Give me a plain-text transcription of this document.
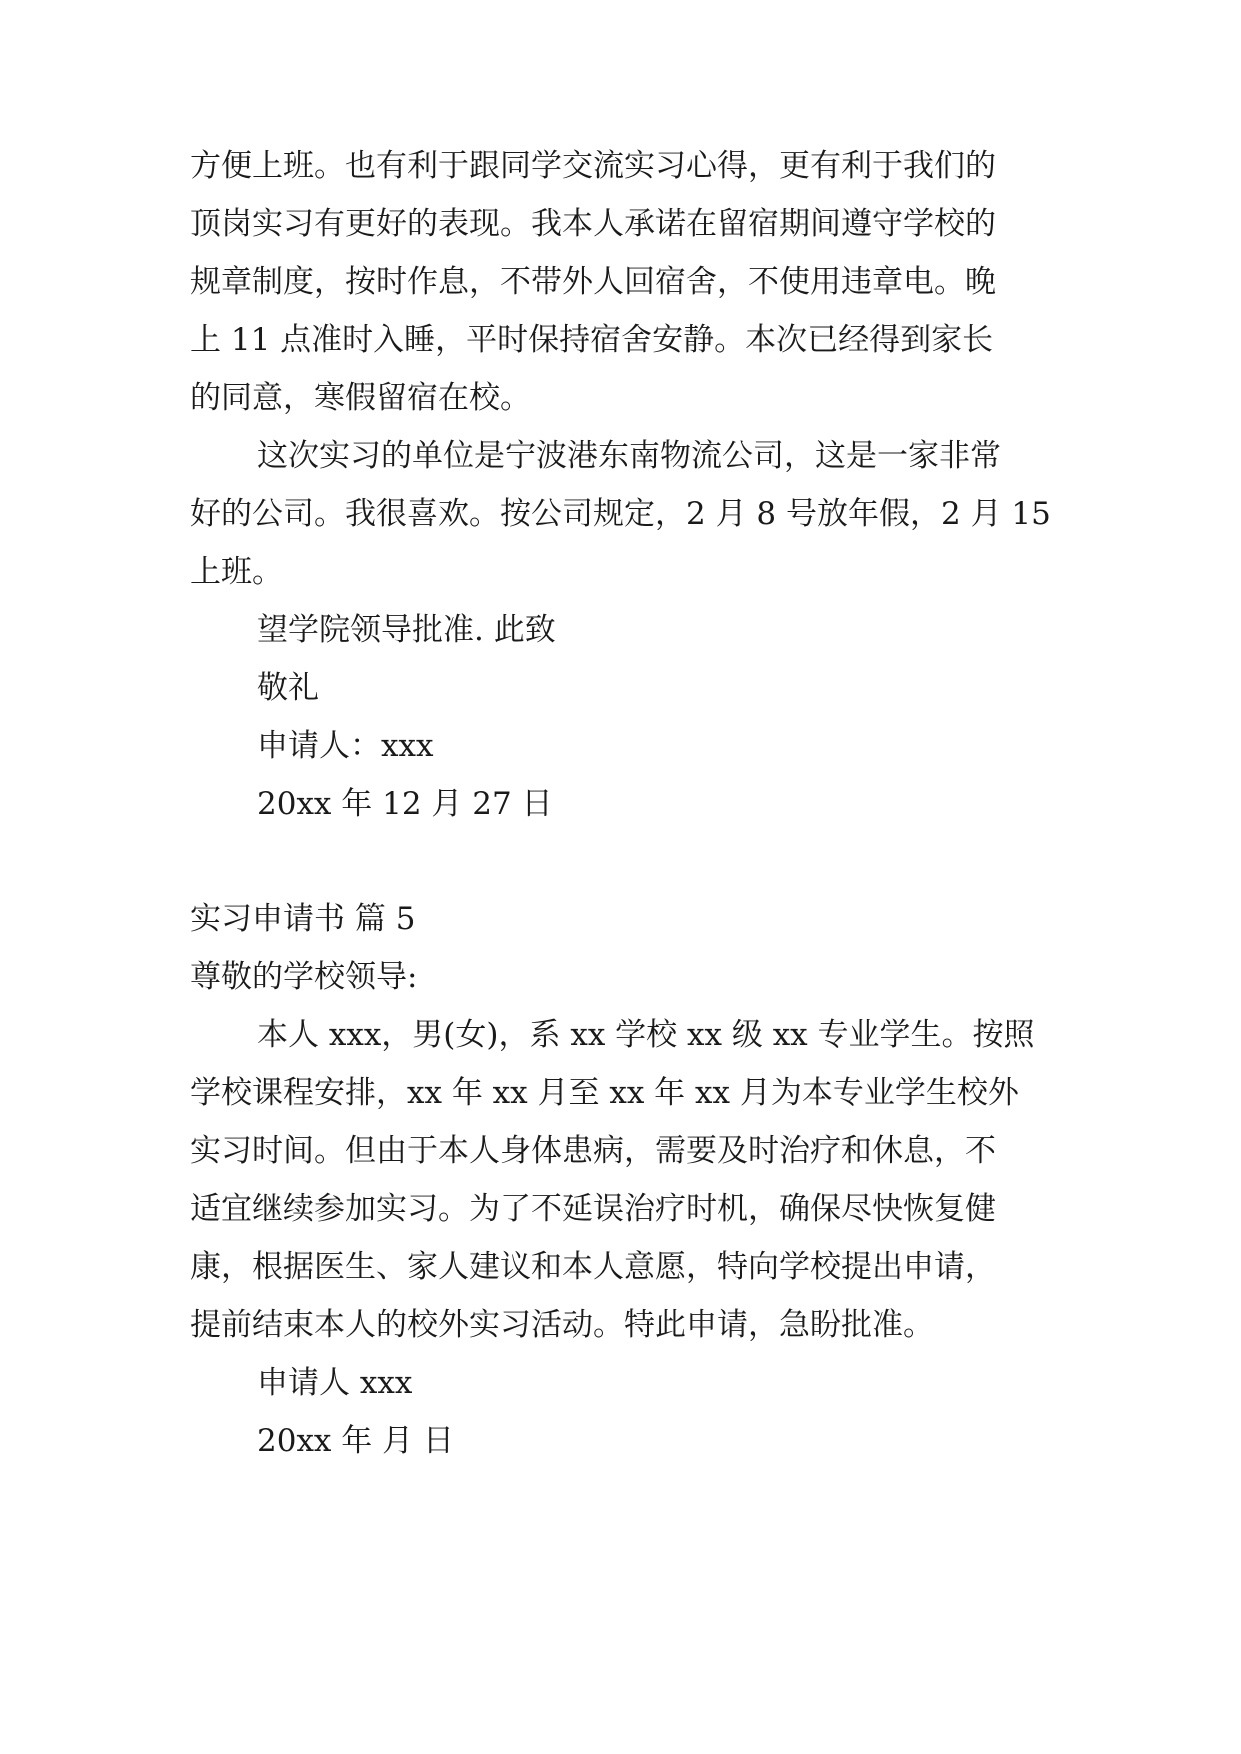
方便上班。也有利于跟同学交流实习心得，更有利于我们的
顶岗实习有更好的表现。我本人承诺在留宿期间遵守学校的
规章制度，按时作息，不带外人回宿舍，不使用违章电。晚
上 11 点准时入睡，平时保持宿舍安静。本次已经得到家长
的同意，寒假留宿在校。
这次实习的单位是宁波港东南物流公司，这是一家非常
好的公司。我很喜欢。按公司规定，2 月 8 号放年假，2 月 15
上班。
望学院领导批准. 此致
敬礼
申请人：xxx
20xx 年 12 月 27 日
实习申请书 篇 5
尊敬的学校领导:
本人 xxx，男(女)，系 xx 学校 xx 级 xx 专业学生。按照
学校课程安排，xx 年 xx 月至 xx 年 xx 月为本专业学生校外
实习时间。但由于本人身体患病，需要及时治疗和休息，不
适宜继续参加实习。为了不延误治疗时机，确保尽快恢复健
康，根据医生、家人建议和本人意愿，特向学校提出申请，
提前结束本人的校外实习活动。特此申请，急盼批准。
申请人 xxx
20xx 年 月 日
